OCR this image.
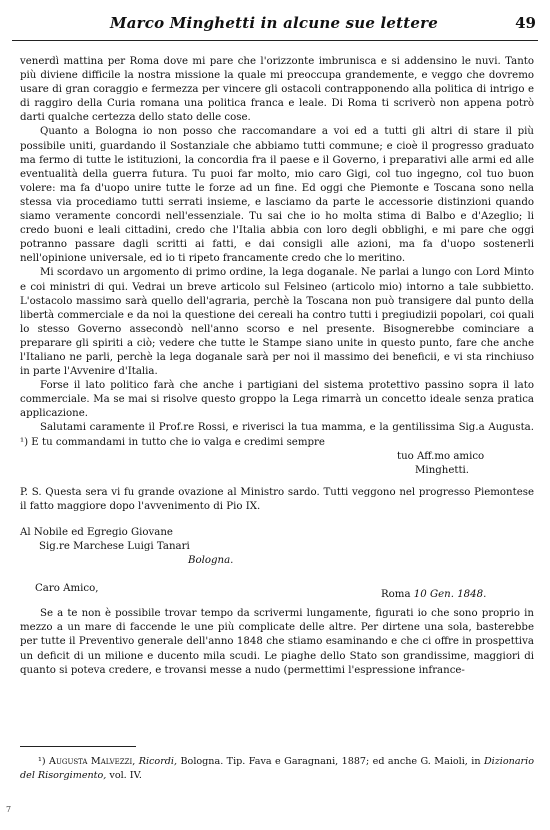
Marco Minghetti in alcune sue lettere	49

venerdì mattina per Roma dove mi pare che l'orizzonte imbrunisca e si addensino le nuvi. Tanto più diviene difficile la nostra missione la quale mi preoccupa grandemente, e veggo che dovremo usare di gran coraggio e fermezza per vincere gli ostacoli contrapponendo alla politica di intrigo e di raggiro della Curia romana una politica franca e leale. Di Roma ti scriverò non appena potrò darti qualche certezza dello stato delle cose.

Quanto a Bologna io non posso che raccomandare a voi ed a tutti gli altri di stare il più possibile uniti, guardando il Sostanziale che abbiamo tutti commune; e cioè il progresso graduato ma fermo di tutte le istituzioni, la concordia fra il paese e il Governo, i preparativi alle armi ed alle eventualità della guerra futura. Tu puoi far molto, mio caro Gigi, col tuo ingegno, col tuo buon volere: ma fa d'uopo unire tutte le forze ad un fine. Ed oggi che Piemonte e Toscana sono nella stessa via procediamo tutti serrati insieme, e lasciamo da parte le accessorie distinzioni quando siamo veramente concordi nell'essenziale. Tu sai che io ho molta stima di Balbo e d'Azeglio; li credo buoni e leali cittadini, credo che l'Italia abbia con loro degli obblighi, e mi pare che oggi potranno passare dagli scritti ai fatti, e dai consigli alle azioni, ma fa d'uopo sostenerli nell'opinione universale, ed io ti ripeto francamente credo che lo meritino.

Mi scordavo un argomento di primo ordine, la lega doganale. Ne parlai a lungo con Lord Minto e coi ministri di qui. Vedrai un breve articolo sul Felsineo (articolo mio) intorno a tale subbietto. L'ostacolo massimo sarà quello dell'agraria, perchè la Toscana non può transigere dal punto della libertà commerciale e da noi la questione dei cereali ha contro tutti i pregiudizii popolari, coi quali lo stesso Governo assecondò nell'anno scorso e nel presente. Bisognerebbe cominciare a preparare gli spiriti a ciò; vedere che tutte le Stampe siano unite in questo punto, fare che anche l'Italiano ne parli, perchè la lega doganale sarà per noi il massimo dei beneficii, e vi sta rinchiuso in parte l'Avvenire d'Italia.

Forse il lato politico farà che anche i partigiani del sistema protettivo passino sopra il lato commerciale. Ma se mai si risolve questo groppo la Lega rimarrà un concetto ideale senza pratica applicazione.

Salutami caramente il Prof.re Rossi, e riverisci la tua mamma, e la gentilissima Sig.a Augusta. ¹) E tu commandami in tutto che io valga e credimi sempre

tuo Aff.mo amico

Minghetti.

P. S. Questa sera vi fu grande ovazione al Ministro sardo. Tutti veggono nel progresso Piemontese il fatto maggiore dopo l'avvenimento di Pio IX.

Al Nobile ed Egregio Giovane

Sig.re Marchese Luigi Tanari

Bologna.

Caro Amico,
Roma 10 Gen. 1848.

Se a te non è possibile trovar tempo da scrivermi lungamente, figurati io che sono proprio in mezzo a un mare di faccende le une più complicate delle altre. Per dirtene una sola, basterebbe per tutte il Preventivo generale dell'anno 1848 che stiamo esaminando e che ci offre in prospettiva un deficit di un milione e ducento mila scudi. Le piaghe dello Stato son grandissime, maggiori di quanto si poteva credere, e trovansi messe a nudo (permettimi l'espressione infrance-

¹) Augusta Malvezzi, Ricordi, Bologna. Tip. Fava e Garagnani, 1887; ed anche G. Maioli, in Dizionario del Risorgimento, vol. IV.
7
